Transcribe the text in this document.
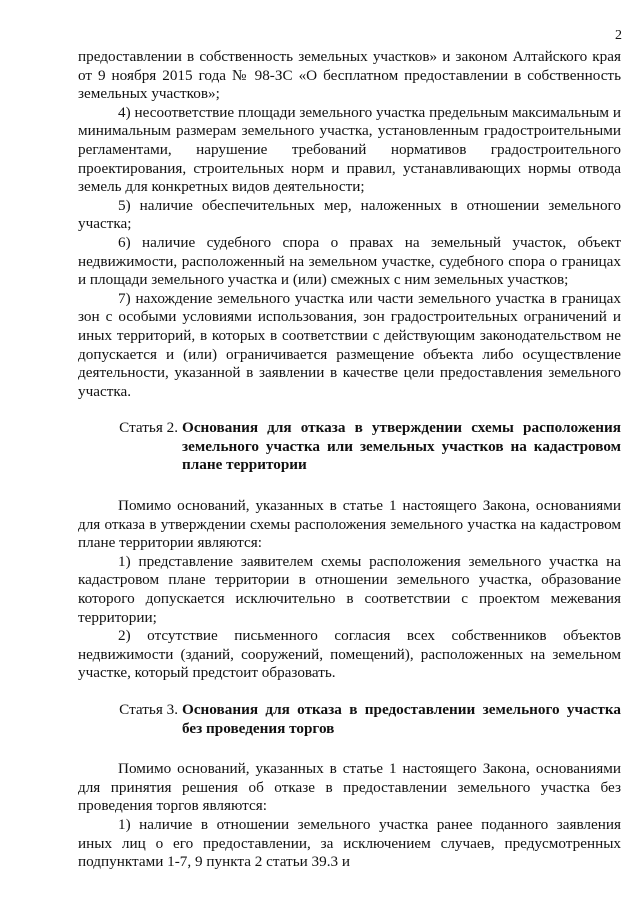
2

предоставлении в собственность земельных участков» и законом Алтайского края от 9 ноября 2015 года № 98-ЗС «О бесплатном предоставлении в собственность земельных участков»;

4) несоответствие площади земельного участка предельным максимальным и минимальным размерам земельного участка, установленным градостроительными регламентами, нарушение требований нормативов градостроительного проектирования, строительных норм и правил, устанавливающих нормы отвода земель для конкретных видов деятельности;

5) наличие обеспечительных мер, наложенных в отношении земельного участка;

6) наличие судебного спора о правах на земельный участок, объект недвижимости, расположенный на земельном участке, судебного спора о границах и площади земельного участка и (или) смежных с ним земельных участков;

7) нахождение земельного участка или части земельного участка в границах зон с особыми условиями использования, зон градостроительных ограничений и иных территорий, в которых в соответствии с действующим законодательством не допускается и (или) ограничивается размещение объекта либо осуществление деятельности, указанной в заявлении в качестве цели предоставления земельного участка.

Статья 2. Основания для отказа в утверждении схемы расположения земельного участка или земельных участков на кадастровом плане территории

Помимо оснований, указанных в статье 1 настоящего Закона, основаниями для отказа в утверждении схемы расположения земельного участка на кадастровом плане территории являются:

1) представление заявителем схемы расположения земельного участка на кадастровом плане территории в отношении земельного участка, образование которого допускается исключительно в соответствии с проектом межевания территории;

2) отсутствие письменного согласия всех собственников объектов недвижимости (зданий, сооружений, помещений), расположенных на земельном участке, который предстоит образовать.

Статья 3. Основания для отказа в предоставлении земельного участка без проведения торгов

Помимо оснований, указанных в статье 1 настоящего Закона, основаниями для принятия решения об отказе в предоставлении земельного участка без проведения торгов являются:

1) наличие в отношении земельного участка ранее поданного заявления иных лиц о его предоставлении, за исключением случаев, предусмотренных подпунктами 1-7, 9 пункта 2 статьи 39.3 и
